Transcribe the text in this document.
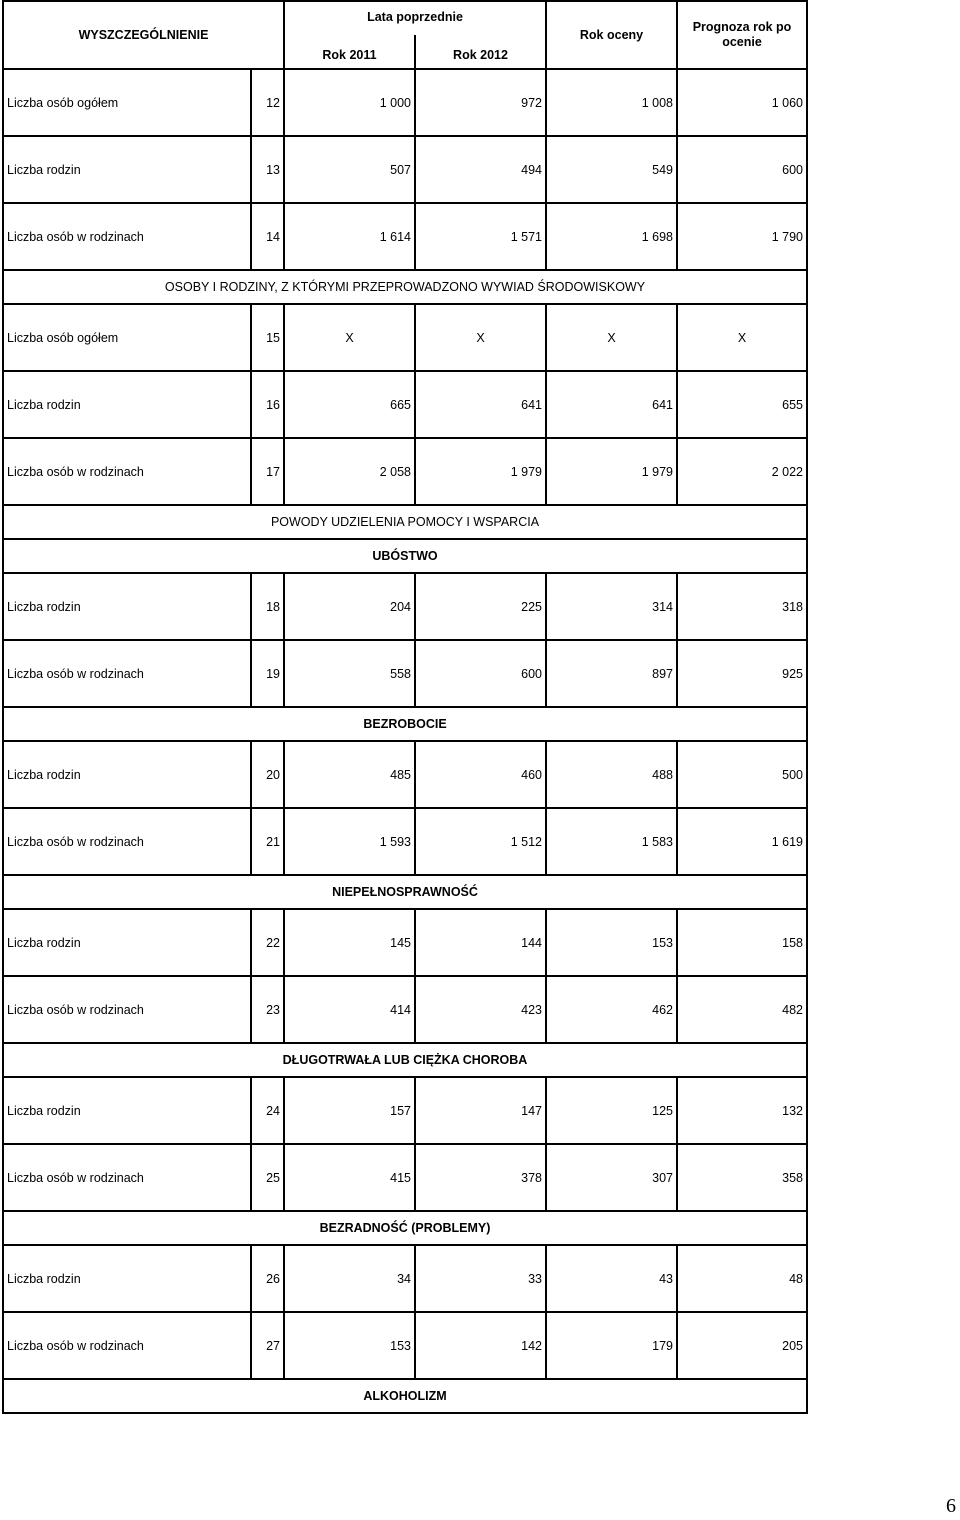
WYSZCZEGÓLNIENIE		Lata poprzednie		Rok oceny	Prognoza rok po ocenie
		Rok 2011	Rok 2012		
Liczba osób ogółem	12	1 000	972	1 008	1 060
Liczba rodzin	13	507	494	549	600
Liczba osób w rodzinach	14	1 614	1 571	1 698	1 790
OSOBY I RODZINY, Z KTÓRYMI PRZEPROWADZONO WYWIAD ŚRODOWISKOWY					
Liczba osób ogółem	15	X	X	X	X
Liczba rodzin	16	665	641	641	655
Liczba osób w rodzinach	17	2 058	1 979	1 979	2 022
POWODY UDZIELENIA POMOCY I WSPARCIA					
UBÓSTWO					
Liczba rodzin	18	204	225	314	318
Liczba osób w rodzinach	19	558	600	897	925
BEZROBOCIE					
Liczba rodzin	20	485	460	488	500
Liczba osób w rodzinach	21	1 593	1 512	1 583	1 619
NIEPEŁNOSPRAWNOŚĆ					
Liczba rodzin	22	145	144	153	158
Liczba osób w rodzinach	23	414	423	462	482
DŁUGOTRWAŁA LUB CIĘŻKA CHOROBA					
Liczba rodzin	24	157	147	125	132
Liczba osób w rodzinach	25	415	378	307	358
BEZRADNOŚĆ (PROBLEMY)					
Liczba rodzin	26	34	33	43	48
Liczba osób w rodzinach	27	153	142	179	205
ALKOHOLIZM					
6
